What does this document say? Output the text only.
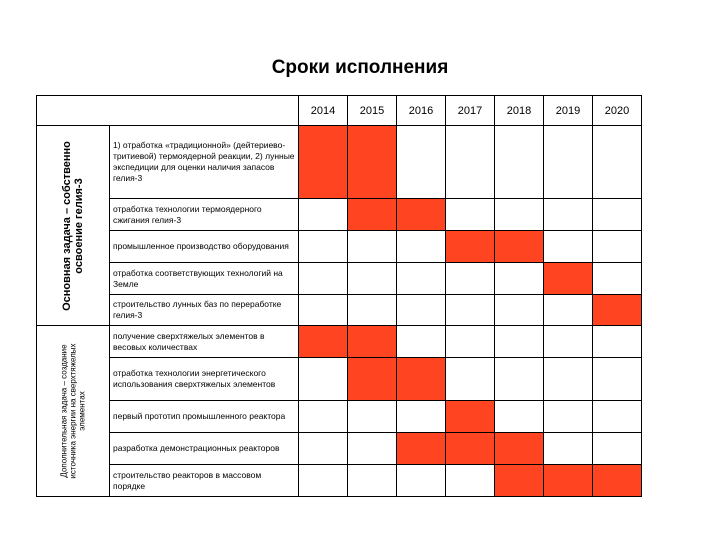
Сроки исполнения
		2014	2015	2016	2017	2018	2019	2020

Основная задача – собственно освоение гелия-3	1) отработка «традиционной» (дейтериево-тритиевой) термоядерной реакции, 2) лунные экспедиции для оценки наличия запасов гелия-3							
	отработка технологии термоядерного сжигания гелия-3							
	промышленное производство оборудования							
	отработка соответствующих технологий на Земле							
	строительство лунных баз по переработке гелия-3							

Дополнительная задача – создание источника энергии на сверхтяжелых элементах	получение сверхтяжелых элементов в весовых количествах							
	отработка технологии энергетического использования сверхтяжелых элементов							
	первый прототип промышленного реактора							
	разработка демонстрационных реакторов							
	строительство реакторов в массовом порядке							
